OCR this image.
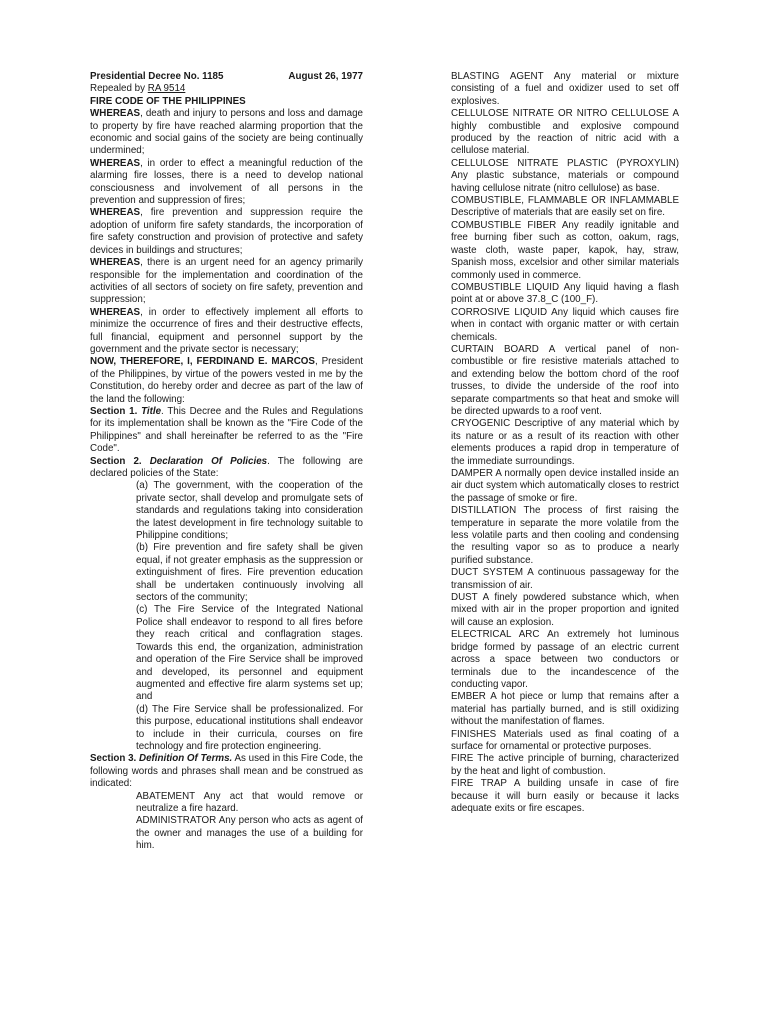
Presidential Decree No. 1185	August 26, 1977

Repealed by RA 9514

FIRE CODE OF THE PHILIPPINES

WHEREAS, death and injury to persons and loss and damage to property by fire have reached alarming proportion that the economic and social gains of the society are being continually undermined;

WHEREAS, in order to effect a meaningful reduction of the alarming fire losses, there is a need to develop national consciousness and involvement of all persons in the prevention and suppression of fires;

WHEREAS, fire prevention and suppression require the adoption of uniform fire safety standards, the incorporation of fire safety construction and provision of protective and safety devices in buildings and structures;

WHEREAS, there is an urgent need for an agency primarily responsible for the implementation and coordination of the activities of all sectors of society on fire safety, prevention and suppression;

WHEREAS, in order to effectively implement all efforts to minimize the occurrence of fires and their destructive effects, full financial, equipment and personnel support by the government and the private sector is necessary;

NOW, THEREFORE, I, FERDINAND E. MARCOS, President of the Philippines, by virtue of the powers vested in me by the Constitution, do hereby order and decree as part of the law of the land the following:

Section 1. Title. This Decree and the Rules and Regulations for its implementation shall be known as the "Fire Code of the Philippines" and shall hereinafter be referred to as the "Fire Code".

Section 2. Declaration Of Policies. The following are declared policies of the State:

(a) The government, with the cooperation of the private sector, shall develop and promulgate sets of standards and regulations taking into consideration the latest development in fire technology suitable to Philippine conditions;

(b) Fire prevention and fire safety shall be given equal, if not greater emphasis as the suppression or extinguishment of fires. Fire prevention education shall be undertaken continuously involving all sectors of the community;

(c) The Fire Service of the Integrated National Police shall endeavor to respond to all fires before they reach critical and conflagration stages. Towards this end, the organization, administration and operation of the Fire Service shall be improved and developed, its personnel and equipment augmented and effective fire alarm systems set up; and

(d) The Fire Service shall be professionalized. For this purpose, educational institutions shall endeavor to include in their curricula, courses on fire technology and fire protection engineering.

Section 3. Definition Of Terms. As used in this Fire Code, the following words and phrases shall mean and be construed as indicated:

ABATEMENT Any act that would remove or neutralize a fire hazard.

ADMINISTRATOR Any person who acts as agent of the owner and manages the use of a building for him.

BLASTING AGENT Any material or mixture consisting of a fuel and oxidizer used to set off explosives.

CELLULOSE NITRATE OR NITRO CELLULOSE A highly combustible and explosive compound produced by the reaction of nitric acid with a cellulose material.

CELLULOSE NITRATE PLASTIC (PYROXYLIN) Any plastic substance, materials or compound having cellulose nitrate (nitro cellulose) as base.

COMBUSTIBLE, FLAMMABLE OR INFLAMMABLE Descriptive of materials that are easily set on fire.

COMBUSTIBLE FIBER Any readily ignitable and free burning fiber such as cotton, oakum, rags, waste cloth, waste paper, kapok, hay, straw, Spanish moss, excelsior and other similar materials commonly used in commerce.

COMBUSTIBLE LIQUID Any liquid having a flash point at or above 37.8_C (100_F).

CORROSIVE LIQUID Any liquid which causes fire when in contact with organic matter or with certain chemicals.

CURTAIN BOARD A vertical panel of non-combustible or fire resistive materials attached to and extending below the bottom chord of the roof trusses, to divide the underside of the roof into separate compartments so that heat and smoke will be directed upwards to a roof vent.

CRYOGENIC Descriptive of any material which by its nature or as a result of its reaction with other elements produces a rapid drop in temperature of the immediate surroundings.

DAMPER A normally open device installed inside an air duct system which automatically closes to restrict the passage of smoke or fire.

DISTILLATION The process of first raising the temperature in separate the more volatile from the less volatile parts and then cooling and condensing the resulting vapor so as to produce a nearly purified substance.

DUCT SYSTEM A continuous passageway for the transmission of air.

DUST A finely powdered substance which, when mixed with air in the proper proportion and ignited will cause an explosion.

ELECTRICAL ARC An extremely hot luminous bridge formed by passage of an electric current across a space between two conductors or terminals due to the incandescence of the conducting vapor.

EMBER A hot piece or lump that remains after a material has partially burned, and is still oxidizing without the manifestation of flames.

FINISHES Materials used as final coating of a surface for ornamental or protective purposes.

FIRE The active principle of burning, characterized by the heat and light of combustion.

FIRE TRAP A building unsafe in case of fire because it will burn easily or because it lacks adequate exits or fire escapes.
